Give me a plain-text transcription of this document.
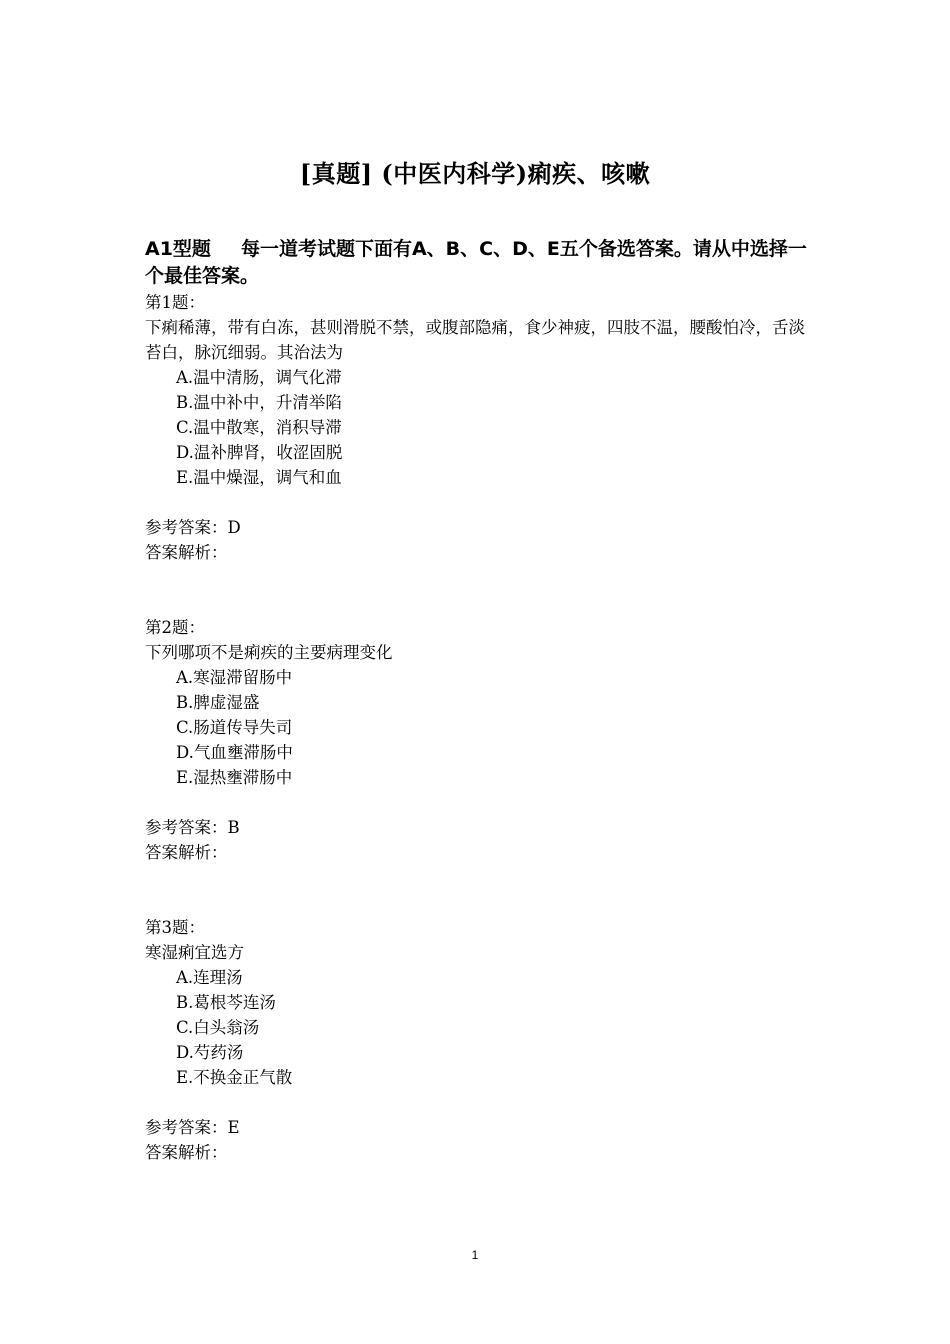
[真题] (中医内科学)痢疾、咳嗽
A1型题 每一道考试题下面有A、B、C、D、E五个备选答案。请从中选择一个最佳答案。
第1题：
下痢稀薄，带有白冻，甚则滑脱不禁，或腹部隐痛，食少神疲，四肢不温，腰酸怕冷，舌淡苔白，脉沉细弱。其治法为
A.温中清肠，调气化滞
B.温中补中，升清举陷
C.温中散寒，消积导滞
D.温补脾肾，收涩固脱
E.温中燥湿，调气和血
参考答案：D
答案解析：
第2题：
下列哪项不是痢疾的主要病理变化
A.寒湿滞留肠中
B.脾虚湿盛
C.肠道传导失司
D.气血壅滞肠中
E.湿热壅滞肠中
参考答案：B
答案解析：
第3题：
寒湿痢宜选方
A.连理汤
B.葛根芩连汤
C.白头翁汤
D.芍药汤
E.不换金正气散
参考答案：E
答案解析：
1
